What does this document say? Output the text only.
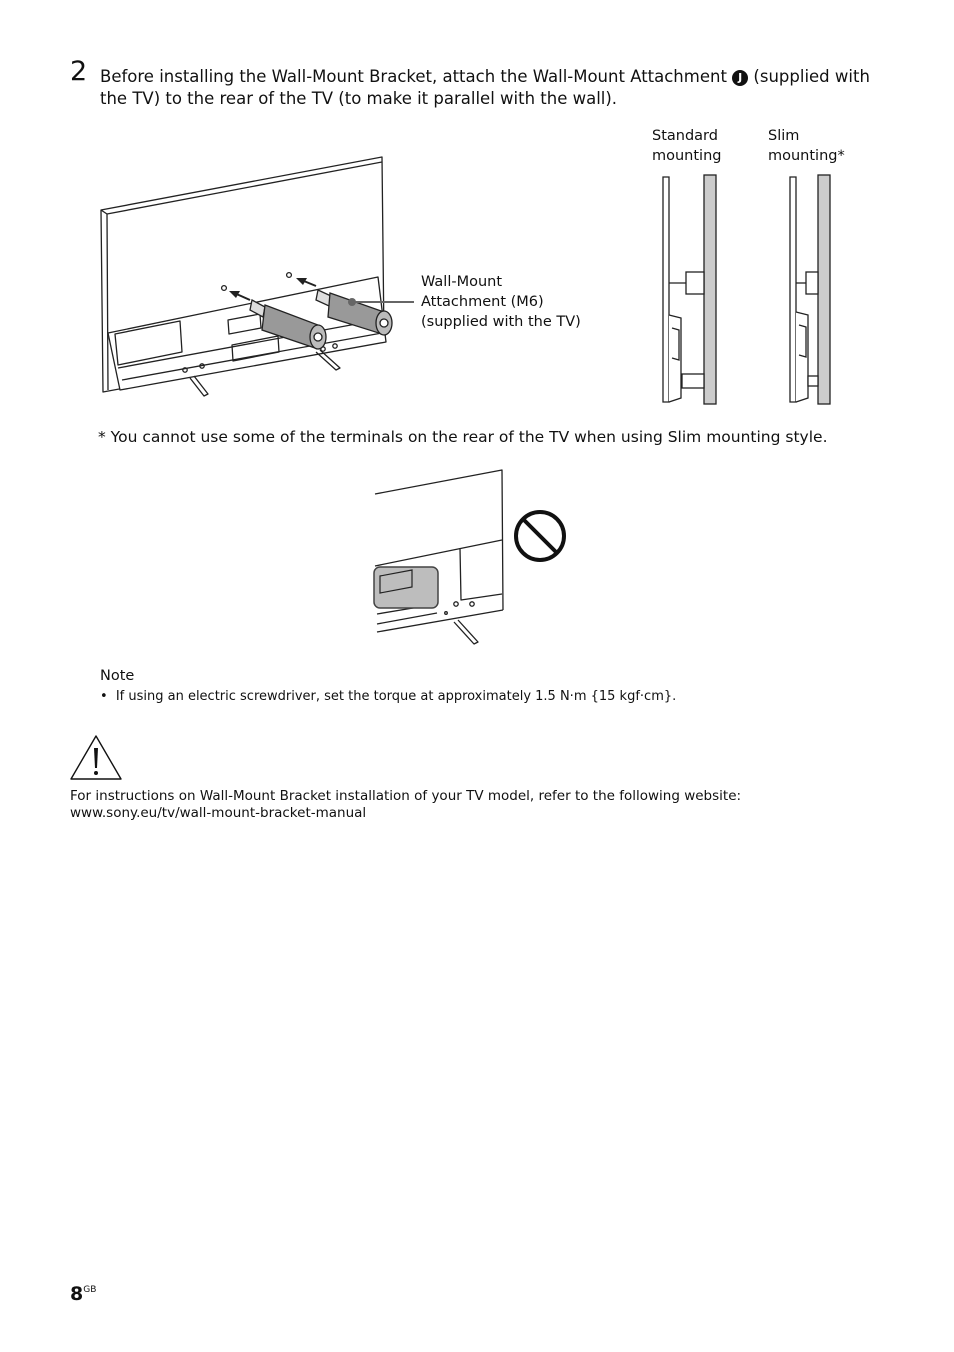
2 Before installing the Wall-Mount Bracket, attach the Wall-Mount Attachment J (supplied with the TV) to the rear of the TV (to make it parallel with the wall).
Standard
mounting
Slim
mounting*
Wall-Mount
Attachment (M6)
(supplied with the TV)
* You cannot use some of the terminals on the rear of the TV when using Slim mounting style.
Note
• If using an electric screwdriver, set the torque at approximately 1.5 N·m {15 kgf·cm}.
For instructions on Wall-Mount Bracket installation of your TV model, refer to the following website:
www.sony.eu/tv/wall-mount-bracket-manual
$8^{GB}$
